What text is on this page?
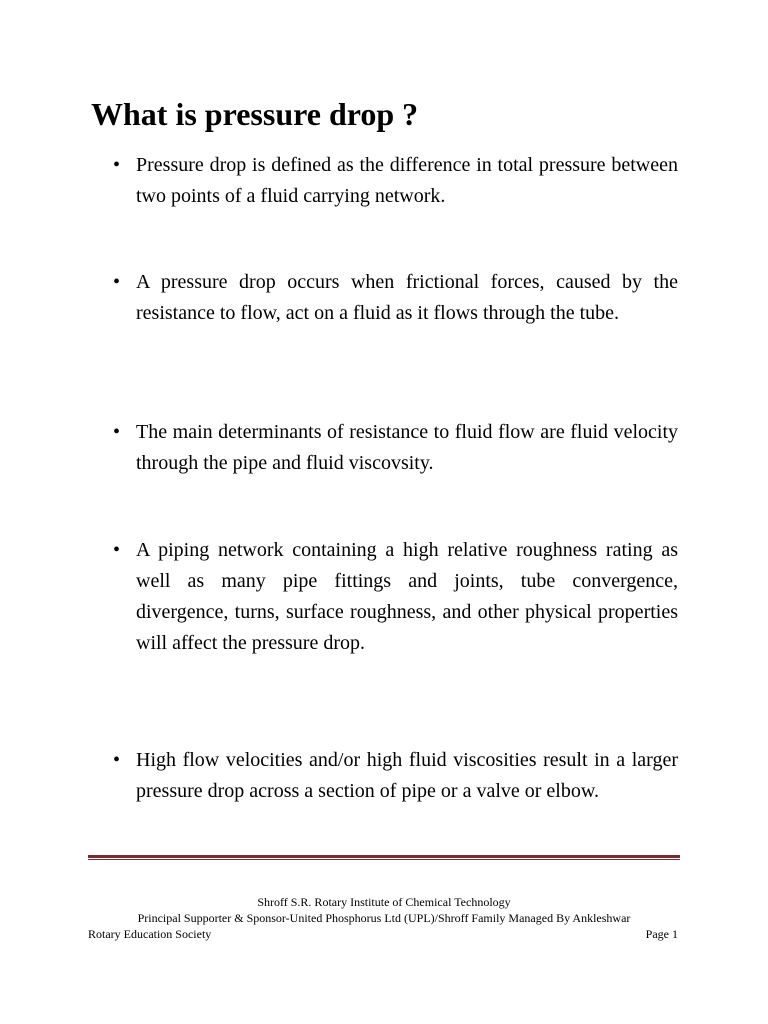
What is pressure drop ?
• Pressure drop is defined as the difference in total pressure between two points of a fluid carrying network.
• A pressure drop occurs when frictional forces, caused by the resistance to flow, act on a fluid as it flows through the tube.
• The main determinants of resistance to fluid flow are fluid velocity through the pipe and fluid viscovsity.
• A piping network containing a high relative roughness rating as well as many pipe fittings and joints, tube convergence, divergence, turns, surface roughness, and other physical properties will affect the pressure drop.
• High flow velocities and/or high fluid viscosities result in a larger pressure drop across a section of pipe or a valve or elbow.
Shroff S.R. Rotary Institute of Chemical Technology
Principal Supporter & Sponsor-United Phosphorus Ltd (UPL)/Shroff Family Managed By Ankleshwar
Rotary Education Society	Page 1
